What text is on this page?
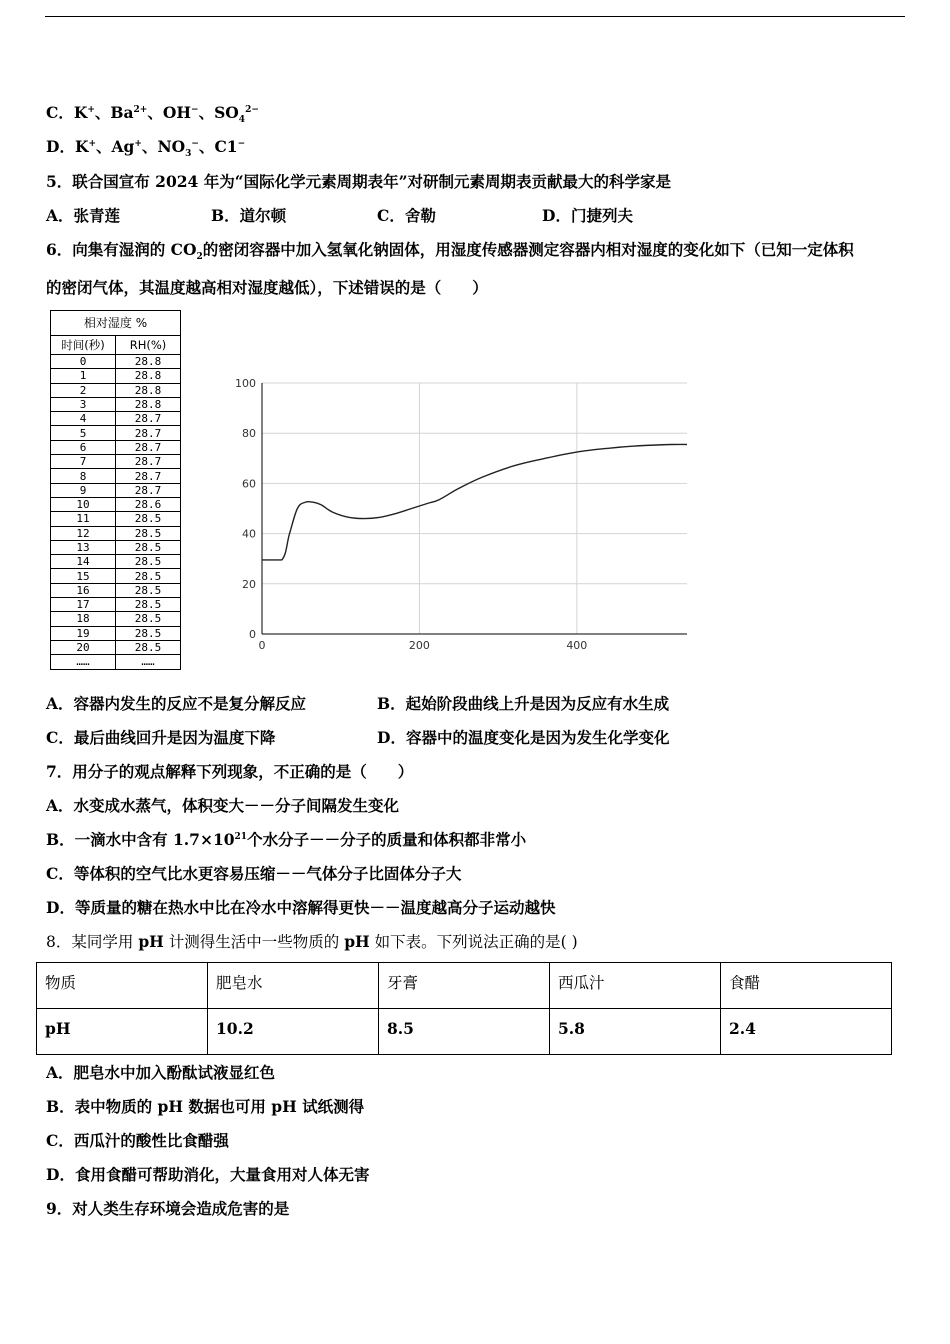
C．K+、$Ba^{2+}$、OH−、$SO_4^{2-}$
D．K+、Ag+、$NO_3^-$、C1−
5．联合国宣布 2024 年为“国际化学元素周期表年”对研制元素周期表贡献最大的科学家是
A．张青莲	B．道尔顿	C．舍勒	D．门捷列夫
6．向集有湿润的 $CO_2$的密闭容器中加入氢氧化钠固体，用湿度传感器测定容器内相对湿度的变化如下（已知一定体积
的密闭气体，其温度越高相对湿度越低），下述错误的是（　　）
相对湿度 %	
时间(秒)	RH(%)
0	28.8
1	28.8
2	28.8
3	28.8
4	28.7
5	28.7
6	28.7
7	28.7
8	28.7
9	28.7
10	28.6
11	28.5
12	28.5
13	28.5
14	28.5
15	28.5
16	28.5
17	28.5
18	28.5
19	28.5
20	28.5
……	……
0
20
40
60
80
100
0	200	400
A．容器内发生的反应不是复分解反应	B．起始阶段曲线上升是因为反应有水生成
C．最后曲线回升是因为温度下降	D．容器中的温度变化是因为发生化学变化
7．用分子的观点解释下列现象，不正确的是（　　）
A．水变成水蒸气，体积变大－－分子间隔发生变化
B．一滴水中含有 $1.7\times 10^{21}$个水分子－－分子的质量和体积都非常小
C．等体积的空气比水更容易压缩－－气体分子比固体分子大
D．等质量的糖在热水中比在冷水中溶解得更快－－温度越高分子运动越快
8．某同学用 pH 计测得生活中一些物质的 pH 如下表。下列说法正确的是( )
物质	肥皂水	牙膏	西瓜汁	食醋
pH	10.2	8.5	5.8	2.4
A．肥皂水中加入酚酞试液显红色
B．表中物质的 pH 数据也可用 pH 试纸测得
C．西瓜汁的酸性比食醋强
D．食用食醋可帮助消化，大量食用对人体无害
9．对人类生存环境会造成危害的是
